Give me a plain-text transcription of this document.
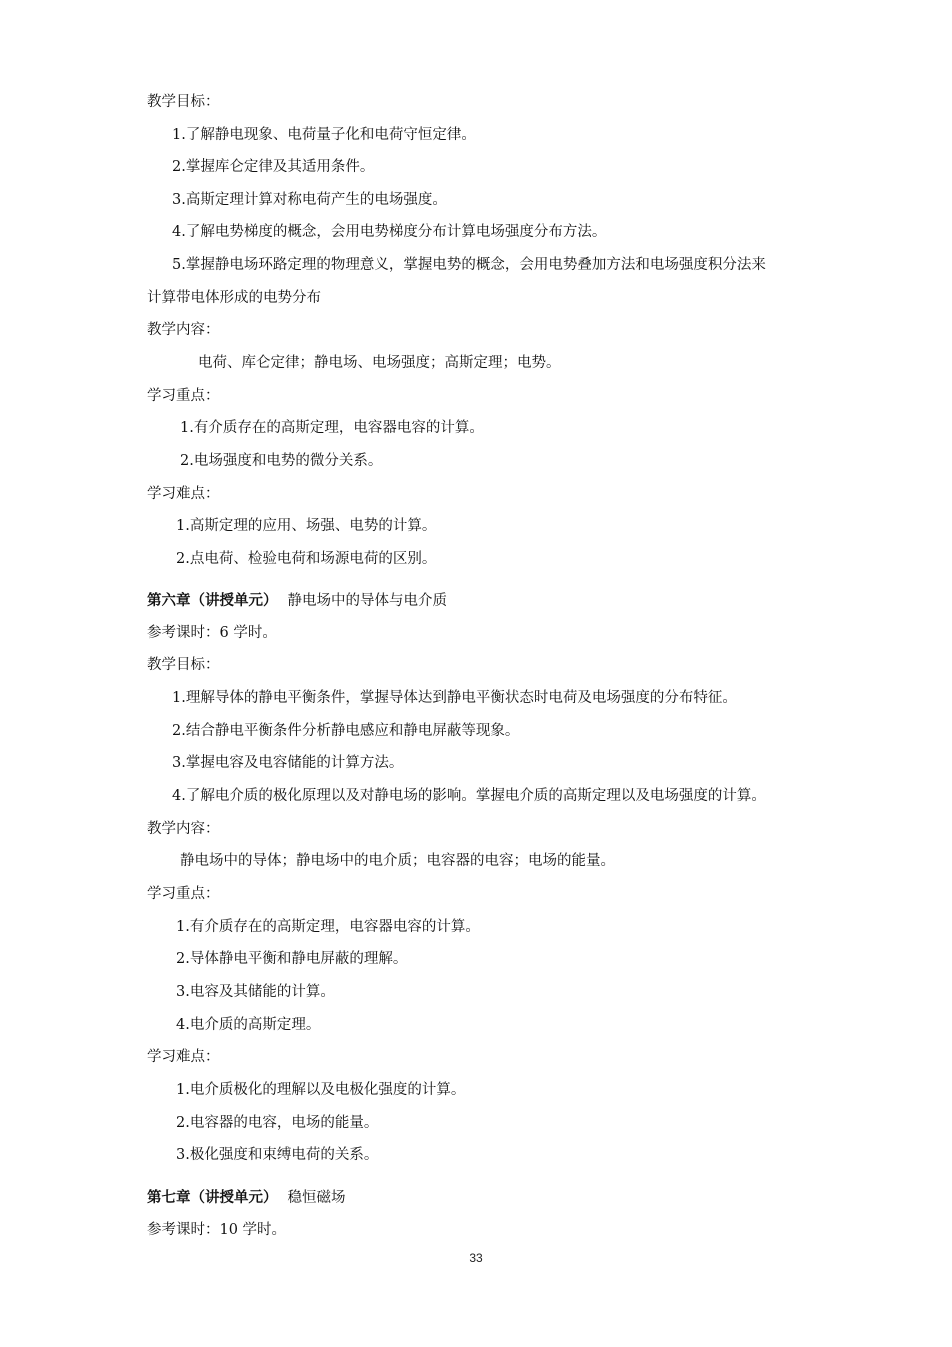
教学目标：

1.了解静电现象、电荷量子化和电荷守恒定律。

2.掌握库仑定律及其适用条件。

3.高斯定理计算对称电荷产生的电场强度。

4.了解电势梯度的概念，会用电势梯度分布计算电场强度分布方法。

5.掌握静电场环路定理的物理意义，掌握电势的概念，会用电势叠加方法和电场强度积分法来

计算带电体形成的电势分布

教学内容：

电荷、库仑定律；静电场、电场强度；高斯定理；电势。

学习重点：

1.有介质存在的高斯定理，电容器电容的计算。

2.电场强度和电势的微分关系。

学习难点：

1.高斯定理的应用、场强、电势的计算。

2.点电荷、检验电荷和场源电荷的区别。

第六章（讲授单元） 静电场中的导体与电介质

参考课时：6 学时。

教学目标：

1.理解导体的静电平衡条件，掌握导体达到静电平衡状态时电荷及电场强度的分布特征。

2.结合静电平衡条件分析静电感应和静电屏蔽等现象。

3.掌握电容及电容储能的计算方法。

4.了解电介质的极化原理以及对静电场的影响。掌握电介质的高斯定理以及电场强度的计算。

教学内容：

静电场中的导体；静电场中的电介质；电容器的电容；电场的能量。

学习重点：

1.有介质存在的高斯定理，电容器电容的计算。

2.导体静电平衡和静电屏蔽的理解。

3.电容及其储能的计算。

4.电介质的高斯定理。

学习难点：

1.电介质极化的理解以及电极化强度的计算。

2.电容器的电容，电场的能量。

3.极化强度和束缚电荷的关系。

第七章（讲授单元） 稳恒磁场

参考课时：10 学时。

33
